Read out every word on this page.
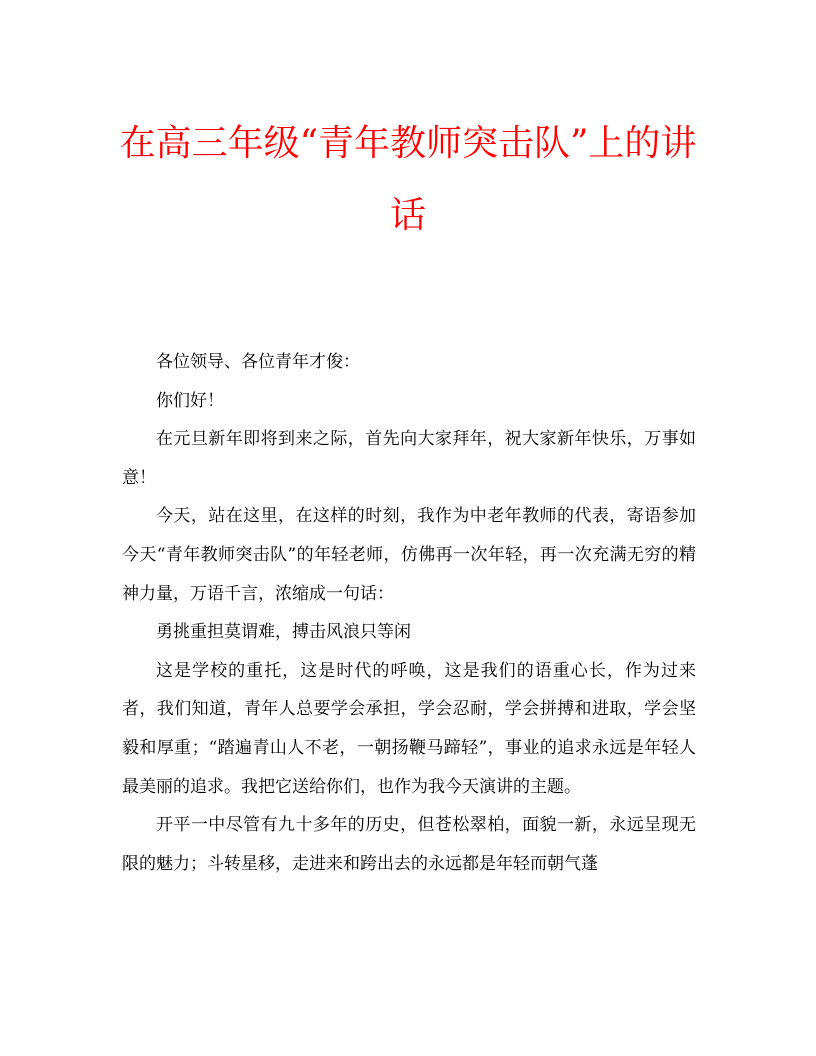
在高三年级“青年教师突击队”上的讲话

各位领导、各位青年才俊：

你们好！

在元旦新年即将到来之际，首先向大家拜年，祝大家新年快乐，万事如意！

今天，站在这里，在这样的时刻，我作为中老年教师的代表，寄语参加今天“青年教师突击队”的年轻老师，仿佛再一次年轻，再一次充满无穷的精神力量，万语千言，浓缩成一句话：

勇挑重担莫谓难，搏击风浪只等闲

这是学校的重托，这是时代的呼唤，这是我们的语重心长，作为过来者，我们知道，青年人总要学会承担，学会忍耐，学会拼搏和进取，学会坚毅和厚重；“踏遍青山人不老，一朝扬鞭马蹄轻”，事业的追求永远是年轻人最美丽的追求。我把它送给你们，也作为我今天演讲的主题。

开平一中尽管有九十多年的历史，但苍松翠柏，面貌一新，永远呈现无限的魅力；斗转星移，走进来和跨出去的永远都是年轻而朝气蓬
